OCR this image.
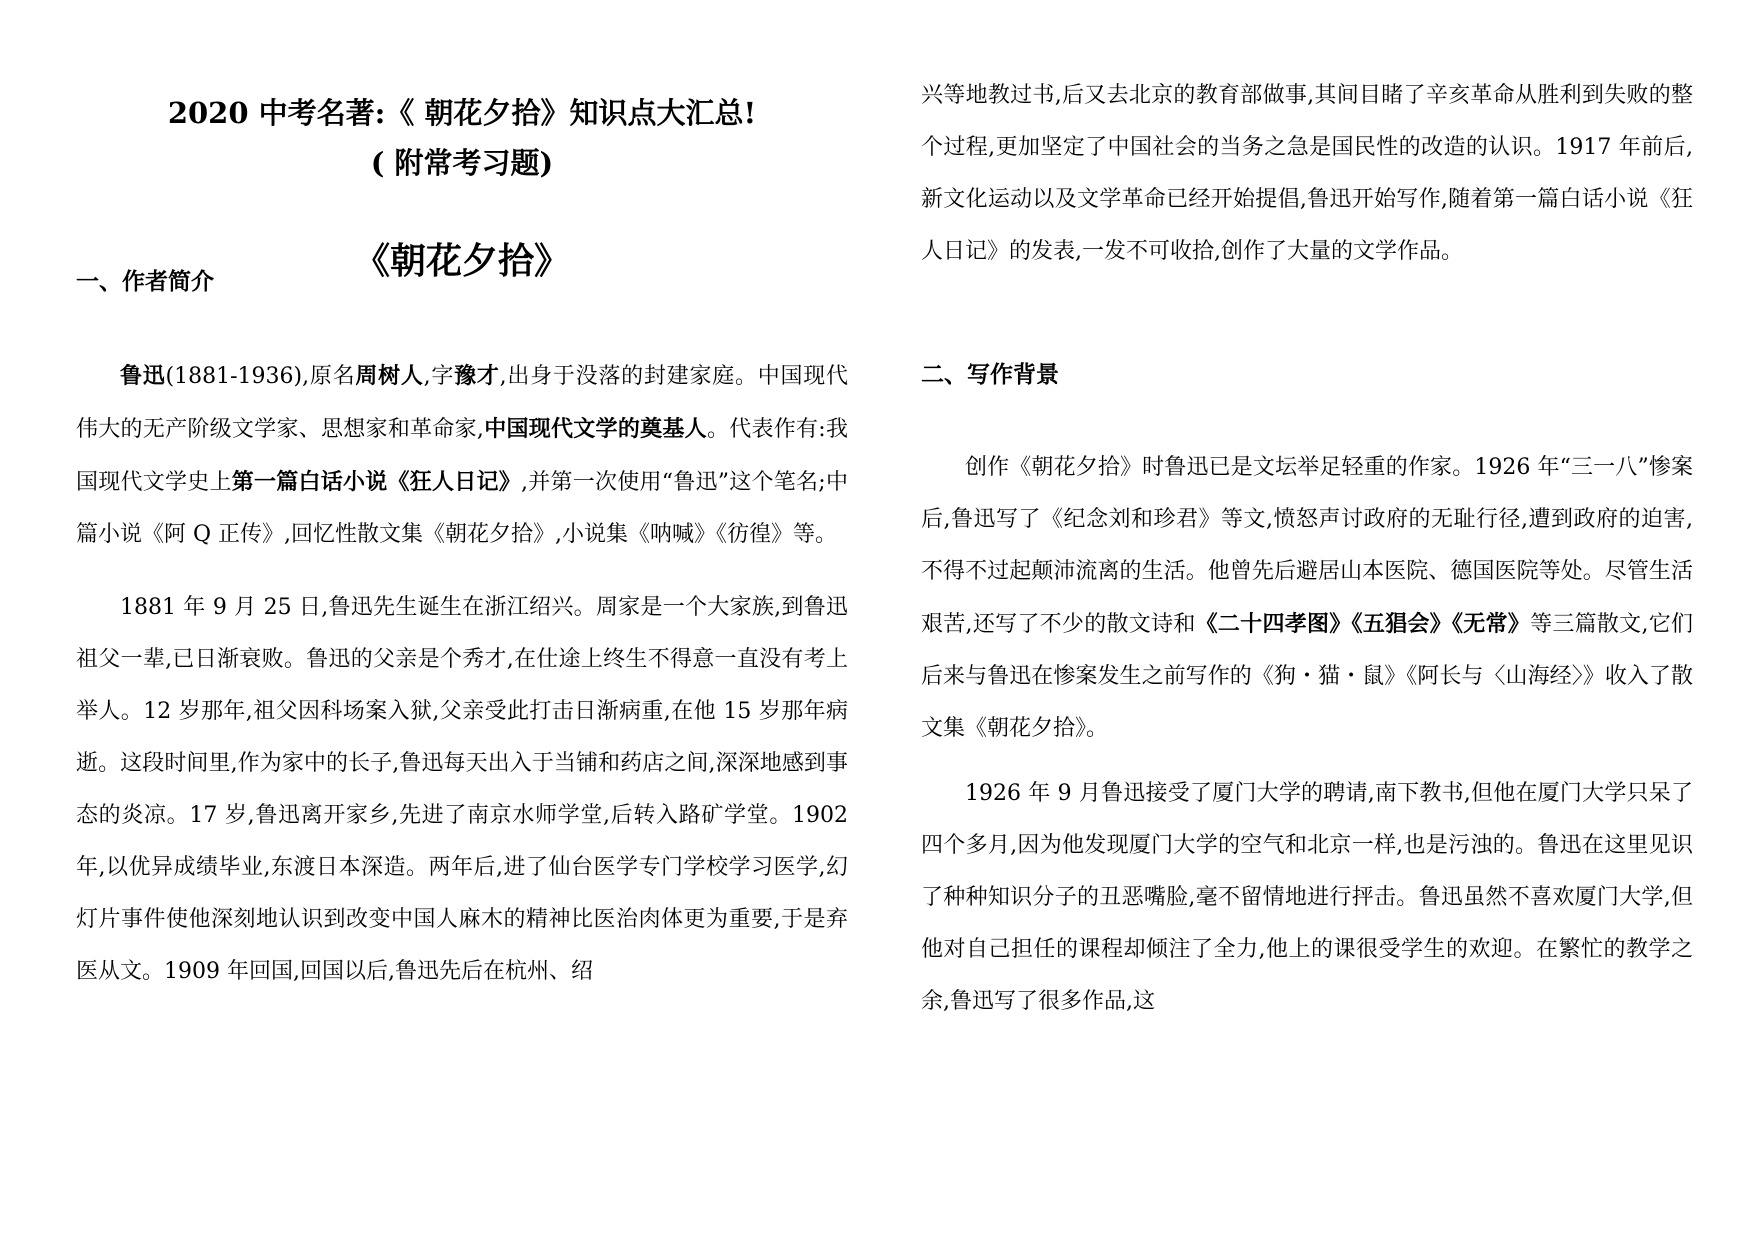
2020 中考名著:《 朝花夕拾》知识点大汇总!
( 附常考习题)
《朝花夕拾》
一、作者简介

鲁迅(1881-1936),原名周树人,字豫才,出身于没落的封建家庭。中国现代伟大的无产阶级文学家、思想家和革命家,中国现代文学的奠基人。代表作有:我国现代文学史上第一篇白话小说《狂人日记》,并第一次使用“鲁迅”这个笔名;中篇小说《阿 Q 正传》,回忆性散文集《朝花夕拾》,小说集《呐喊》《彷徨》等。

1881 年 9 月 25 日,鲁迅先生诞生在浙江绍兴。周家是一个大家族,到鲁迅祖父一辈,已日渐衰败。鲁迅的父亲是个秀才,在仕途上终生不得意一直没有考上举人。12 岁那年,祖父因科场案入狱,父亲受此打击日渐病重,在他 15 岁那年病逝。这段时间里,作为家中的长子,鲁迅每天出入于当铺和药店之间,深深地感到事态的炎凉。17 岁,鲁迅离开家乡,先进了南京水师学堂,后转入路矿学堂。1902 年,以优异成绩毕业,东渡日本深造。两年后,进了仙台医学专门学校学习医学,幻灯片事件使他深刻地认识到改变中国人麻木的精神比医治肉体更为重要,于是弃医从文。1909 年回国,回国以后,鲁迅先后在杭州、绍

兴等地教过书,后又去北京的教育部做事,其间目睹了辛亥革命从胜利到失败的整个过程,更加坚定了中国社会的当务之急是国民性的改造的认识。1917 年前后,新文化运动以及文学革命已经开始提倡,鲁迅开始写作,随着第一篇白话小说《狂人日记》的发表,一发不可收拾,创作了大量的文学作品。

二、写作背景

创作《朝花夕拾》时鲁迅已是文坛举足轻重的作家。1926 年“三一八”惨案后,鲁迅写了《纪念刘和珍君》等文,愤怒声讨政府的无耻行径,遭到政府的迫害,不得不过起颠沛流离的生活。他曾先后避居山本医院、德国医院等处。尽管生活艰苦,还写了不少的散文诗和《二十四孝图》《五猖会》《无常》等三篇散文,它们后来与鲁迅在惨案发生之前写作的《狗・猫・鼠》《阿长与〈山海经〉》收入了散文集《朝花夕拾》。

1926 年 9 月鲁迅接受了厦门大学的聘请,南下教书,但他在厦门大学只呆了四个多月,因为他发现厦门大学的空气和北京一样,也是污浊的。鲁迅在这里见识了种种知识分子的丑恶嘴脸,毫不留情地进行抨击。鲁迅虽然不喜欢厦门大学,但他对自己担任的课程却倾注了全力,他上的课很受学生的欢迎。在繁忙的教学之余,鲁迅写了很多作品,这
